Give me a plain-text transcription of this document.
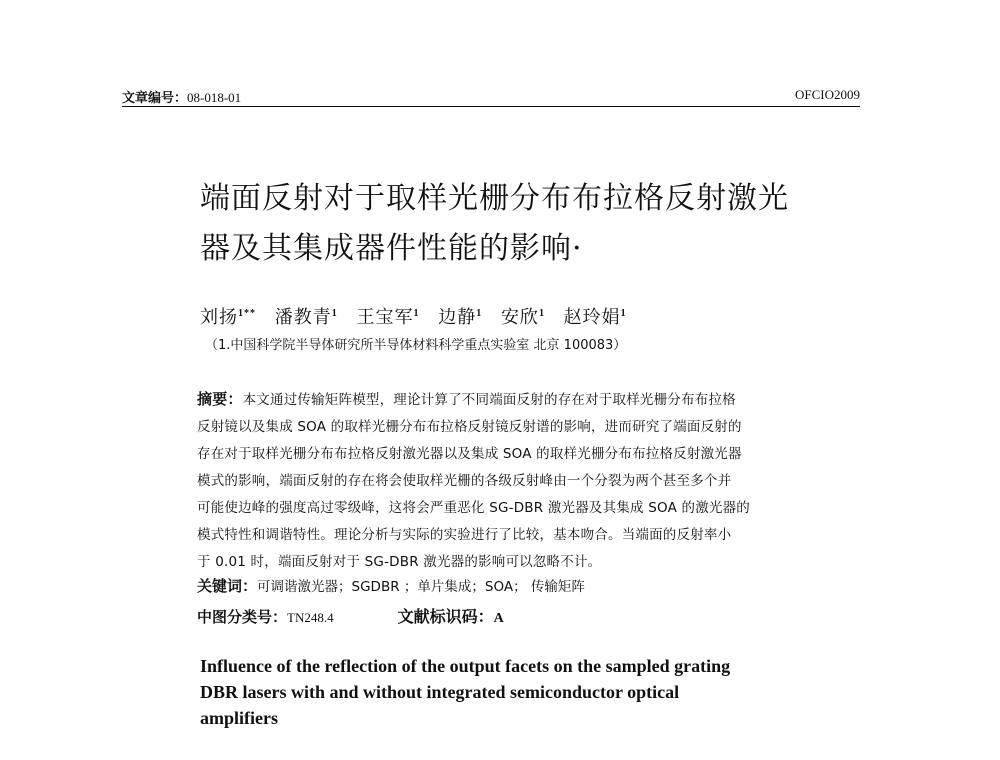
文章编号：08-018-01	OFCIO2009
端面反射对于取样光栅分布布拉格反射激光
器及其集成器件性能的影响·
刘扬$^{1**}$ 潘教青$^1$ 王宝军$^1$ 边静$^1$ 安欣$^1$ 赵玲娟$^1$
（1.中国科学院半导体研究所半导体材料科学重点实验室 北京 100083）
摘要：本文通过传输矩阵模型，理论计算了不同端面反射的存在对于取样光栅分布布拉格
反射镜以及集成 SOA 的取样光栅分布布拉格反射镜反射谱的影响，进而研究了端面反射的
存在对于取样光栅分布布拉格反射激光器以及集成 SOA 的取样光栅分布布拉格反射激光器
模式的影响，端面反射的存在将会使取样光栅的各级反射峰由一个分裂为两个甚至多个并
可能使边峰的强度高过零级峰，这将会严重恶化 SG-DBR 激光器及其集成 SOA 的激光器的
模式特性和调谐特性。理论分析与实际的实验进行了比较，基本吻合。当端面的反射率小
于 0.01 时，端面反射对于 SG-DBR 激光器的影响可以忽略不计。
关键词：可调谐激光器；SGDBR ；单片集成；SOA； 传输矩阵
中图分类号：TN248.4	文献标识码：A
Influence of the reflection of the output facets on the sampled grating
DBR lasers with and without integrated semiconductor optical
amplifiers
